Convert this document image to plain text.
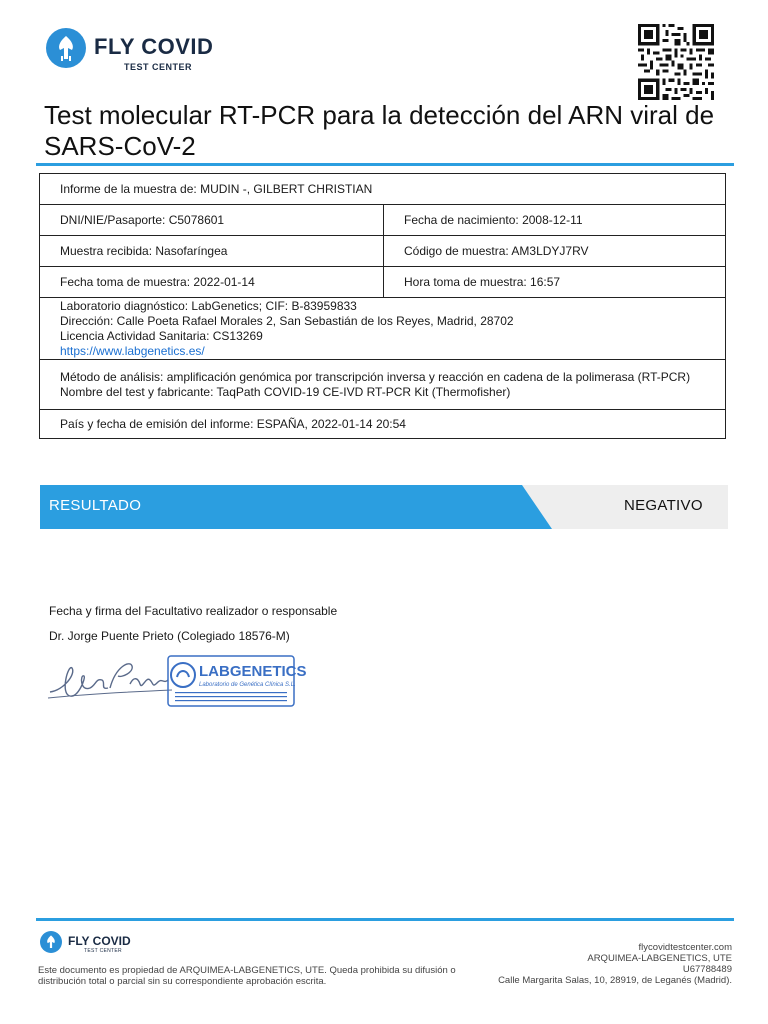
FLY COVID
TEST CENTER
Test molecular RT-PCR para la detección del ARN viral de SARS-CoV-2
Informe de la muestra de: MUDIN -, GILBERT CHRISTIAN	
DNI/NIE/Pasaporte: C5078601	Fecha de nacimiento: 2008-12-11
Muestra recibida: Nasofaríngea	Código de muestra: AM3LDYJ7RV
Fecha toma de muestra: 2022-01-14	Hora toma de muestra: 16:57

Laboratorio diagnóstico: LabGenetics; CIF: B-83959833
Dirección: Calle Poeta Rafael Morales 2, San Sebastián de los Reyes, Madrid, 28702
Licencia Actividad Sanitaria: CS13269
https://www.labgenetics.es/	

Método de análisis: amplificación genómica por transcripción inversa y reacción en cadena de la polimerasa (RT-PCR)
Nombre del test y fabricante: TaqPath COVID-19 CE-IVD RT-PCR Kit (Thermofisher)	

País y fecha de emisión del informe: ESPAÑA, 2022-01-14 20:54	
RESULTADO	NEGATIVO
Fecha y firma del Facultativo realizador o responsable
Dr. Jorge Puente Prieto (Colegiado 18576-M)
LABGENETICS
Laboratorio de Genética Clínica S.L.
FLY COVID
TEST CENTER
Este documento es propiedad de ARQUIMEA-LABGENETICS, UTE. Queda prohibida su difusión o distribución total o parcial sin su correspondiente aprobación escrita.
flycovidtestcenter.com
ARQUIMEA-LABGENETICS, UTE
U67788489
Calle Margarita Salas, 10, 28919, de Leganés (Madrid).
